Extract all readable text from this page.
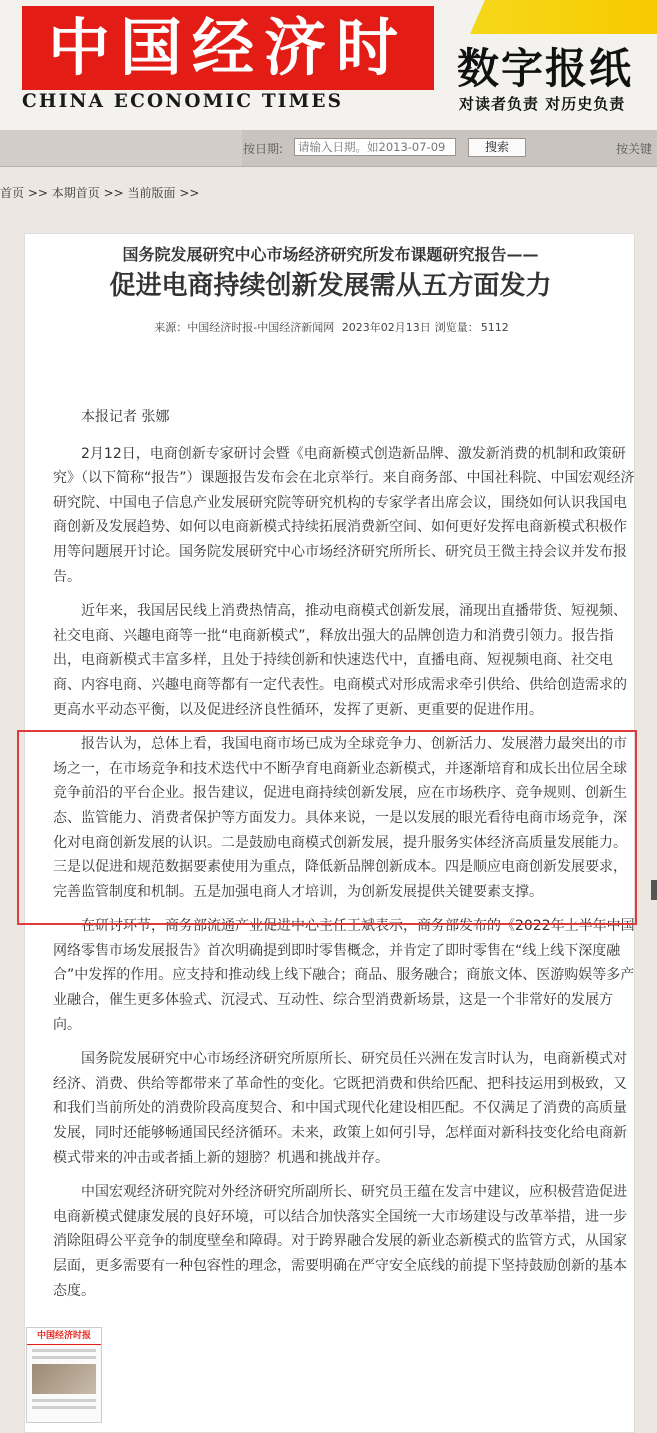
中国经济时
CHINA ECONOMIC TIMES
数字报纸
对读者负责 对历史负责
按日期:
请输入日期。如2013-07-09	搜索	按关键
首页 >> 本期首页 >> 当前版面 >>
国务院发展研究中心市场经济研究所发布课题研究报告——
促进电商持续创新发展需从五方面发力
来源：中国经济时报-中国经济新闻网 2023年02月13日 浏览量： 5112

本报记者 张娜

2月12日，电商创新专家研讨会暨《电商新模式创造新品牌、激发新消费的机制和政策研究》（以下简称“报告”）课题报告发布会在北京举行。来自商务部、中国社科院、中国宏观经济研究院、中国电子信息产业发展研究院等研究机构的专家学者出席会议，围绕如何认识我国电商创新及发展趋势、如何以电商新模式持续拓展消费新空间、如何更好发挥电商新模式积极作用等问题展开讨论。国务院发展研究中心市场经济研究所所长、研究员王微主持会议并发布报告。

近年来，我国居民线上消费热情高，推动电商模式创新发展，涌现出直播带货、短视频、社交电商、兴趣电商等一批“电商新模式”，释放出强大的品牌创造力和消费引领力。报告指出，电商新模式丰富多样，且处于持续创新和快速迭代中，直播电商、短视频电商、社交电商、内容电商、兴趣电商等都有一定代表性。电商模式对形成需求牵引供给、供给创造需求的更高水平动态平衡，以及促进经济良性循环，发挥了更新、更重要的促进作用。

报告认为，总体上看，我国电商市场已成为全球竞争力、创新活力、发展潜力最突出的市场之一，在市场竞争和技术迭代中不断孕育电商新业态新模式，并逐渐培育和成长出位居全球竞争前沿的平台企业。报告建议，促进电商持续创新发展，应在市场秩序、竞争规则、创新生态、监管能力、消费者保护等方面发力。具体来说，一是以发展的眼光看待电商市场竞争，深化对电商创新发展的认识。二是鼓励电商模式创新发展，提升服务实体经济高质量发展能力。三是以促进和规范数据要素使用为重点，降低新品牌创新成本。四是顺应电商创新发展要求，完善监管制度和机制。五是加强电商人才培训，为创新发展提供关键要素支撑。

在研讨环节，商务部流通产业促进中心主任王斌表示，商务部发布的《2022年上半年中国网络零售市场发展报告》首次明确提到即时零售概念，并肯定了即时零售在“线上线下深度融合”中发挥的作用。应支持和推动线上线下融合；商品、服务融合；商旅文体、医游购娱等多产业融合，催生更多体验式、沉浸式、互动性、综合型消费新场景，这是一个非常好的发展方向。

国务院发展研究中心市场经济研究所原所长、研究员任兴洲在发言时认为，电商新模式对经济、消费、供给等都带来了革命性的变化。它既把消费和供给匹配、把科技运用到极致，又和我们当前所处的消费阶段高度契合、和中国式现代化建设相匹配。不仅满足了消费的高质量发展，同时还能够畅通国民经济循环。未来，政策上如何引导，怎样面对新科技变化给电商新模式带来的冲击或者插上新的翅膀？机遇和挑战并存。

中国宏观经济研究院对外经济研究所副所长、研究员王蕴在发言中建议，应积极营造促进电商新模式健康发展的良好环境，可以结合加快落实全国统一大市场建设与改革举措，进一步消除阻碍公平竞争的制度壁垒和障碍。对于跨界融合发展的新业态新模式的监管方式，从国家层面，更多需要有一种包容性的理念，需要明确在严守安全底线的前提下坚持鼓励创新的基本态度。

中国经济时报
